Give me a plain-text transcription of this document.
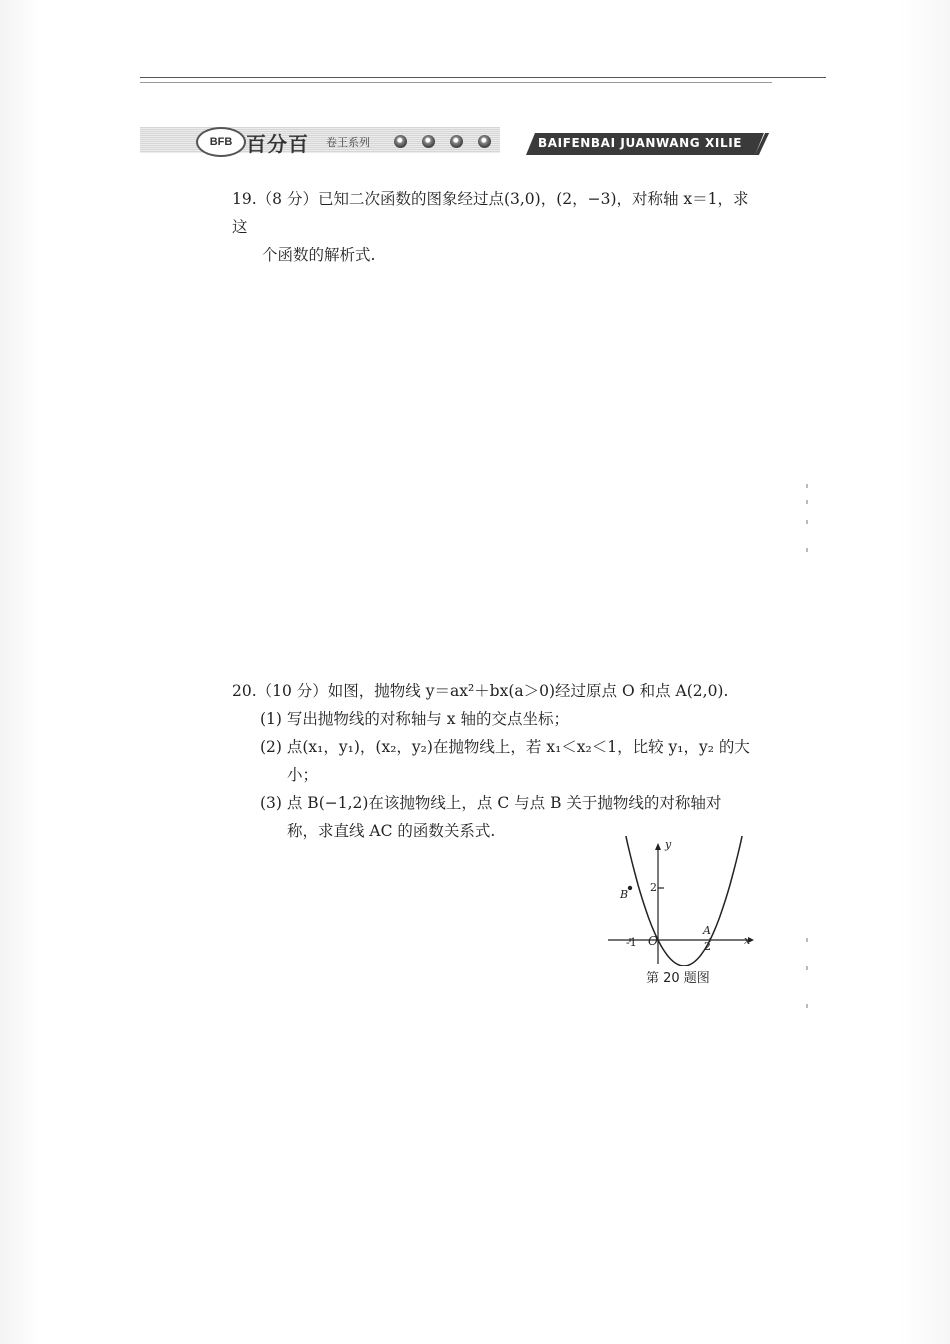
BFB 百分百 卷王系列	BAIFENBAI JUANWANG XILIE
19.（8 分）已知二次函数的图象经过点(3,0)，(2，−3)，对称轴 x＝1，求这
个函数的解析式.
20.（10 分）如图，抛物线 y＝ax²＋bx(a＞0)经过原点 O 和点 A(2,0).
(1) 写出抛物线的对称轴与 x 轴的交点坐标；
(2) 点(x₁，y₁)，(x₂，y₂)在抛物线上，若 x₁＜x₂＜1，比较 y₁，y₂ 的大
小；
(3) 点 B(−1,2)在该抛物线上，点 C 与点 B 关于抛物线的对称轴对
称，求直线 AC 的函数关系式.
y
x
O
A
B
2
-1	2
第 20 题图
